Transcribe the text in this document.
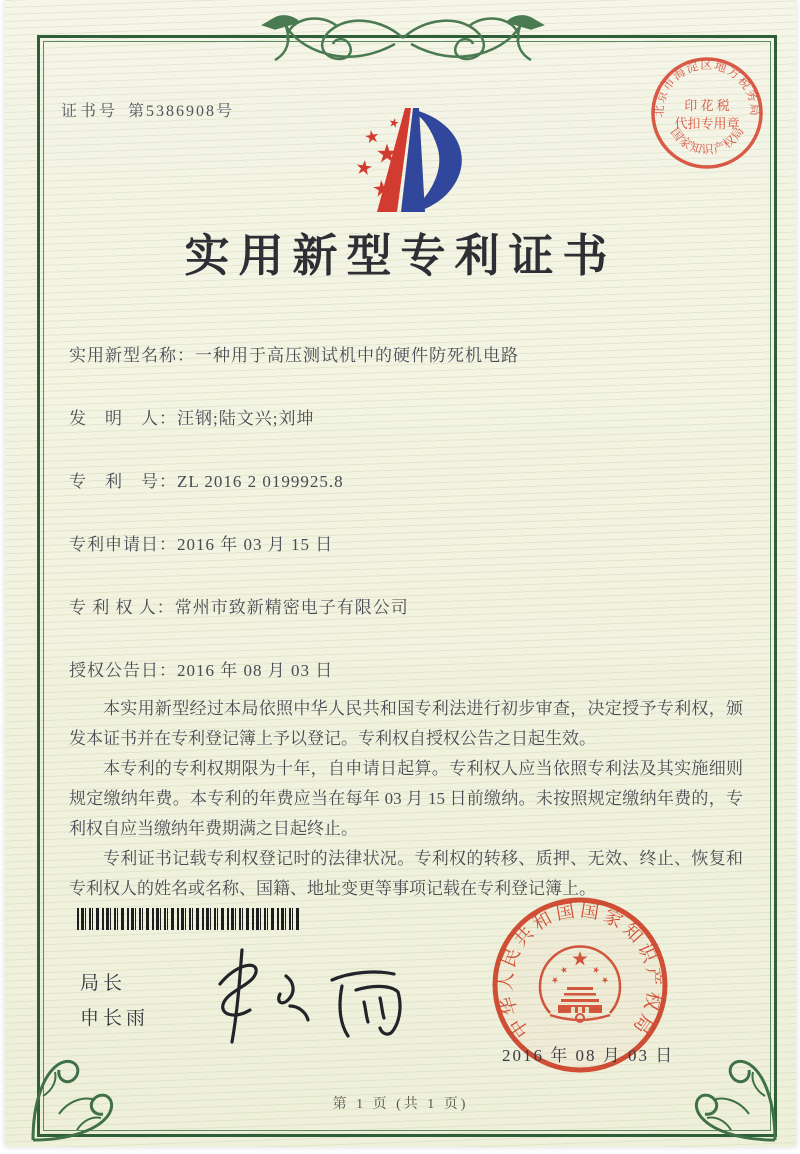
证书号 第5386908号	北京市海淀区地方税务局
国家知识产权局
印 花 税
代扣专用章
实用新型专利证书
实用新型名称：一种用于高压测试机中的硬件防死机电路
发　明　人：汪钢;陆文兴;刘坤
专　利　号：ZL 2016 2 0199925.8
专利申请日：2016 年 03 月 15 日
专 利 权 人：常州市致新精密电子有限公司
授权公告日：2016 年 08 月 03 日

本实用新型经过本局依照中华人民共和国专利法进行初步审查，决定授予专利权，颁发本证书并在专利登记簿上予以登记。专利权自授权公告之日起生效。

本专利的专利权期限为十年，自申请日起算。专利权人应当依照专利法及其实施细则规定缴纳年费。本专利的年费应当在每年 03 月 15 日前缴纳。未按照规定缴纳年费的，专利权自应当缴纳年费期满之日起终止。

专利证书记载专利权登记时的法律状况。专利权的转移、质押、无效、终止、恢复和专利权人的姓名或名称、国籍、地址变更等事项记载在专利登记簿上。

局长
申长雨	中华人民共和国国家知识产权局
2016 年 08 月 03 日
第 1 页 (共 1 页)
